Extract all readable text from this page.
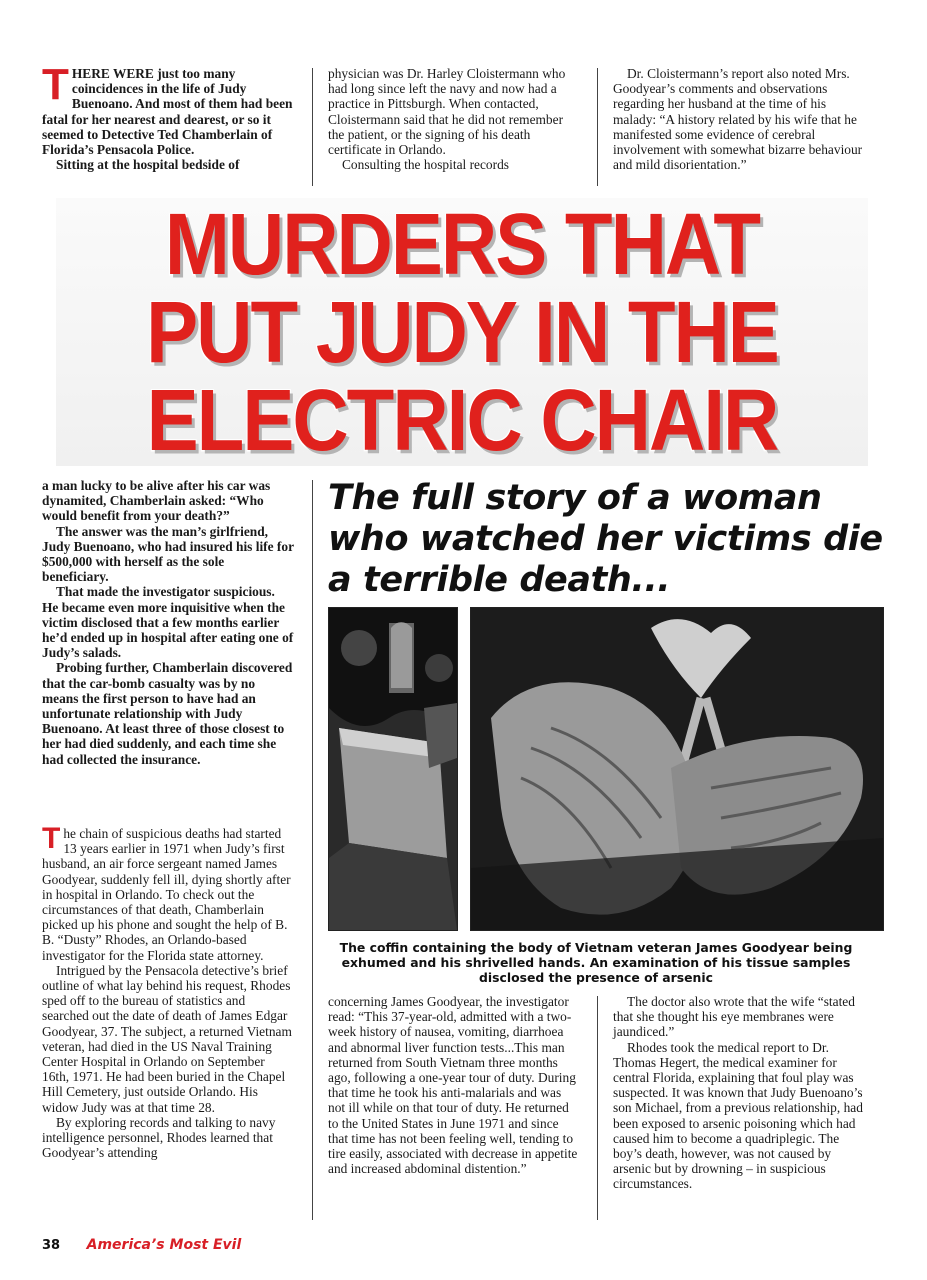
THERE WERE just too many coincidences in the life of Judy Buenoano. And most of them had been fatal for her nearest and dearest, or so it seemed to Detective Ted Chamberlain of Florida’s Pensacola Police.

Sitting at the hospital bedside of

physician was Dr. Harley Cloistermann who had long since left the navy and now had a practice in Pittsburgh. When contacted, Cloistermann said that he did not remember the patient, or the signing of his death certificate in Orlando.

Consulting the hospital records

Dr. Cloistermann’s report also noted Mrs. Goodyear’s comments and observations regarding her husband at the time of his malady: “A history related by his wife that he manifested some evidence of cerebral involvement with somewhat bizarre behaviour and mild disorientation.”

MURDERS THAT
PUT JUDY IN THE
ELECTRIC CHAIR

a man lucky to be alive after his car was dynamited, Chamberlain asked: “Who would benefit from your death?”

The answer was the man’s girlfriend, Judy Buenoano, who had insured his life for $500,000 with herself as the sole beneficiary.

That made the investigator suspicious. He became even more inquisitive when the victim disclosed that a few months earlier he’d ended up in hospital after eating one of Judy’s salads.

Probing further, Chamberlain discovered that the car-bomb casualty was by no means the first person to have had an unfortunate relationship with Judy Buenoano. At least three of those closest to her had died suddenly, and each time she had collected the insurance.

The chain of suspicious deaths had started 13 years earlier in 1971 when Judy’s first husband, an air force sergeant named James Goodyear, suddenly fell ill, dying shortly after in hospital in Orlando. To check out the circumstances of that death, Chamberlain picked up his phone and sought the help of B. B. “Dusty” Rhodes, an Orlando-based investigator for the Florida state attorney.

Intrigued by the Pensacola detective’s brief outline of what lay behind his request, Rhodes sped off to the bureau of statistics and searched out the date of death of James Edgar Goodyear, 37. The subject, a returned Vietnam veteran, had died in the US Naval Training Center Hospital in Orlando on September 16th, 1971. He had been buried in the Chapel Hill Cemetery, just outside Orlando. His widow Judy was at that time 28.

By exploring records and talking to navy intelligence personnel, Rhodes learned that Goodyear’s attending

The full story of a woman who watched her victims die a terrible death...
The coffin containing the body of Vietnam veteran James Goodyear being exhumed and his shrivelled hands. An examination of his tissue samples disclosed the presence of arsenic

concerning James Goodyear, the investigator read: “This 37-year-old, admitted with a two-week history of nausea, vomiting, diarrhoea and abnormal liver function tests...This man returned from South Vietnam three months ago, following a one-year tour of duty. During that time he took his anti-malarials and was not ill while on that tour of duty. He returned to the United States in June 1971 and since that time has not been feeling well, tending to tire easily, associated with decrease in appetite and increased abdominal distention.”

The doctor also wrote that the wife “stated that she thought his eye membranes were jaundiced.”

Rhodes took the medical report to Dr. Thomas Hegert, the medical examiner for central Florida, explaining that foul play was suspected. It was known that Judy Buenoano’s son Michael, from a previous relationship, had been exposed to arsenic poisoning which had caused him to become a quadriplegic. The boy’s death, however, was not caused by arsenic but by drowning – in suspicious circumstances.

38 America’s Most Evil
